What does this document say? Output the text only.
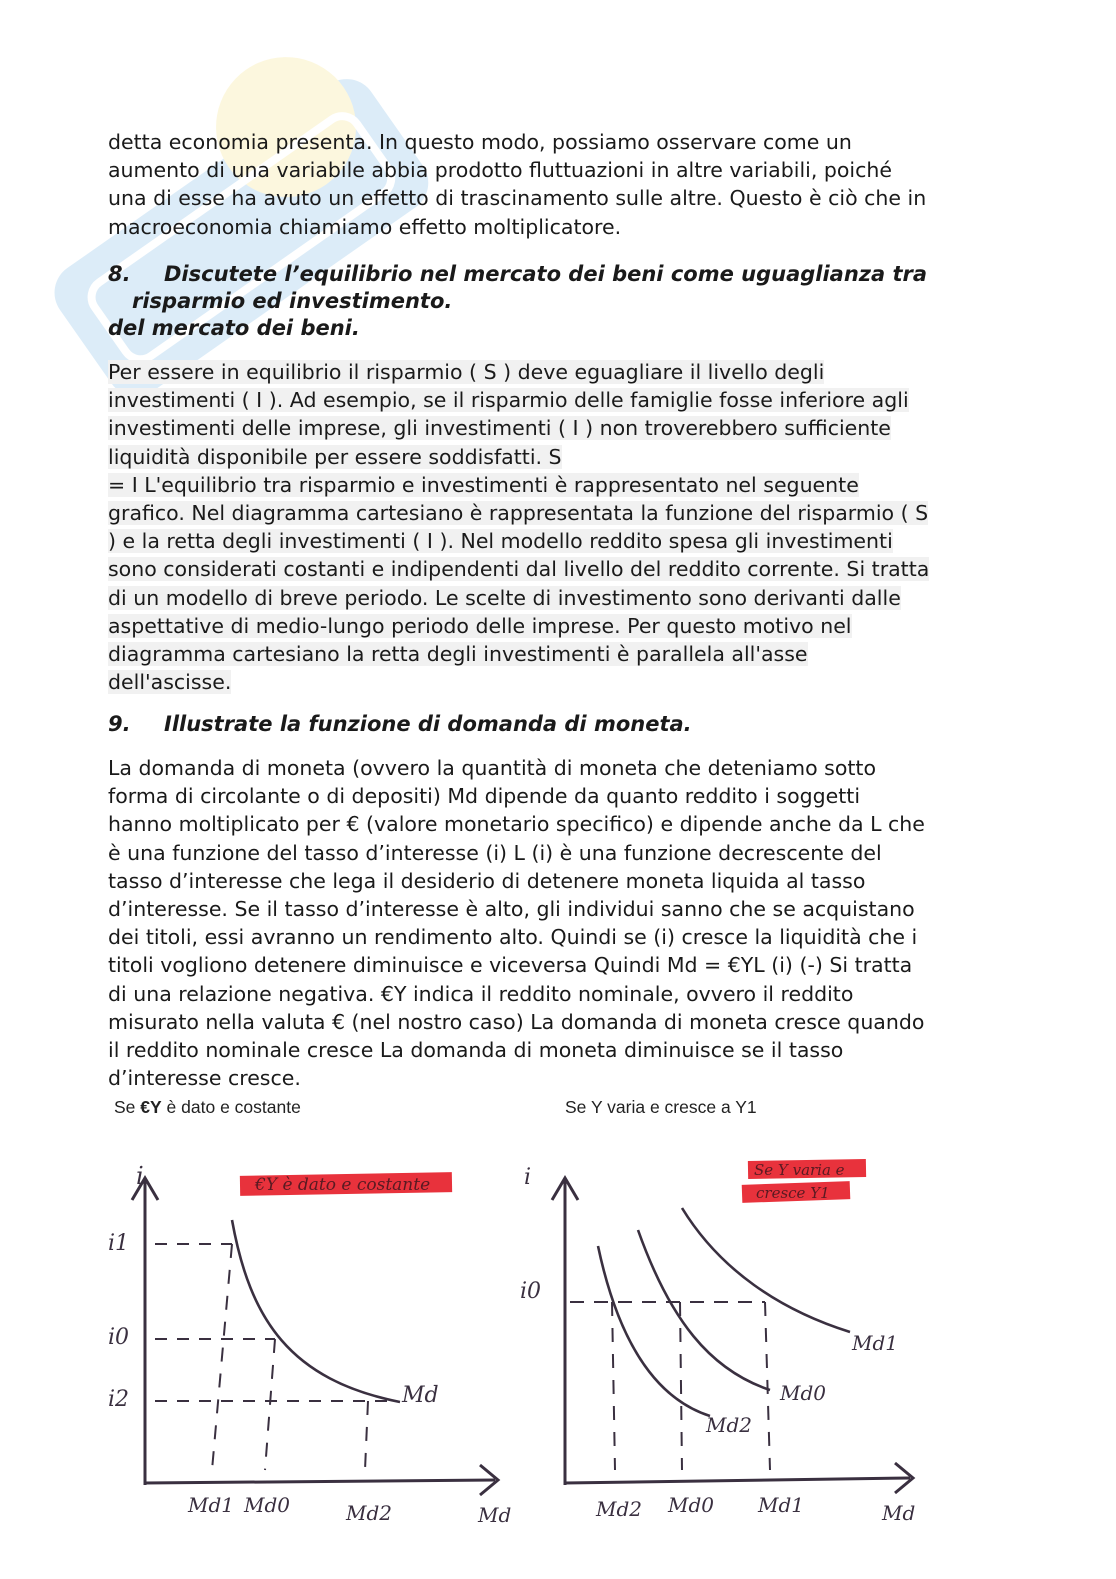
detta economia presenta. In questo modo, possiamo osservare come un
aumento di una variabile abbia prodotto fluttuazioni in altre variabili, poiché
una di esse ha avuto un effetto di trascinamento sulle altre. Questo è ciò che in
macroeconomia chiamiamo effetto moltiplicatore.

8. Discutete l’equilibrio nel mercato dei beni come uguaglianza tra
risparmio ed investimento.
del mercato dei beni.

Per essere in equilibrio il risparmio ( S ) deve eguagliare il livello degli
investimenti ( I ). Ad esempio, se il risparmio delle famiglie fosse inferiore agli
investimenti delle imprese, gli investimenti ( I ) non troverebbero sufficiente
liquidità disponibile per essere soddisfatti. S
= I L'equilibrio tra risparmio e investimenti è rappresentato nel seguente
grafico. Nel diagramma cartesiano è rappresentata la funzione del risparmio ( S
) e la retta degli investimenti ( I ). Nel modello reddito spesa gli investimenti
sono considerati costanti e indipendenti dal livello del reddito corrente. Si tratta
di un modello di breve periodo. Le scelte di investimento sono derivanti dalle
aspettative di medio-lungo periodo delle imprese. Per questo motivo nel
diagramma cartesiano la retta degli investimenti è parallela all'asse
dell'ascisse.

9. Illustrate la funzione di domanda di moneta.

La domanda di moneta (ovvero la quantità di moneta che deteniamo sotto
forma di circolante o di depositi) Md dipende da quanto reddito i soggetti
hanno moltiplicato per € (valore monetario specifico) e dipende anche da L che
è una funzione del tasso d’interesse (i) L (i) è una funzione decrescente del
tasso d’interesse che lega il desiderio di detenere moneta liquida al tasso
d’interesse. Se il tasso d’interesse è alto, gli individui sanno che se acquistano
dei titoli, essi avranno un rendimento alto. Quindi se (i) cresce la liquidità che i
titoli vogliono detenere diminuisce e viceversa Quindi Md = €YL (i) (-) Si tratta
di una relazione negativa. €Y indica il reddito nominale, ovvero il reddito
misurato nella valuta € (nel nostro caso) La domanda di moneta cresce quando
il reddito nominale cresce La domanda di moneta diminuisce se il tasso
d’interesse cresce.

Se €Y è dato e costante	Se Y varia e cresce a Y1
€Y è dato e costante
i
i1
i0
i2	Md
Md1 Md0	Md2	Md
Se Y varia e
cresce Y1
i
i0
Md2
Md0
Md1
Md2 Md0 Md1	Md
